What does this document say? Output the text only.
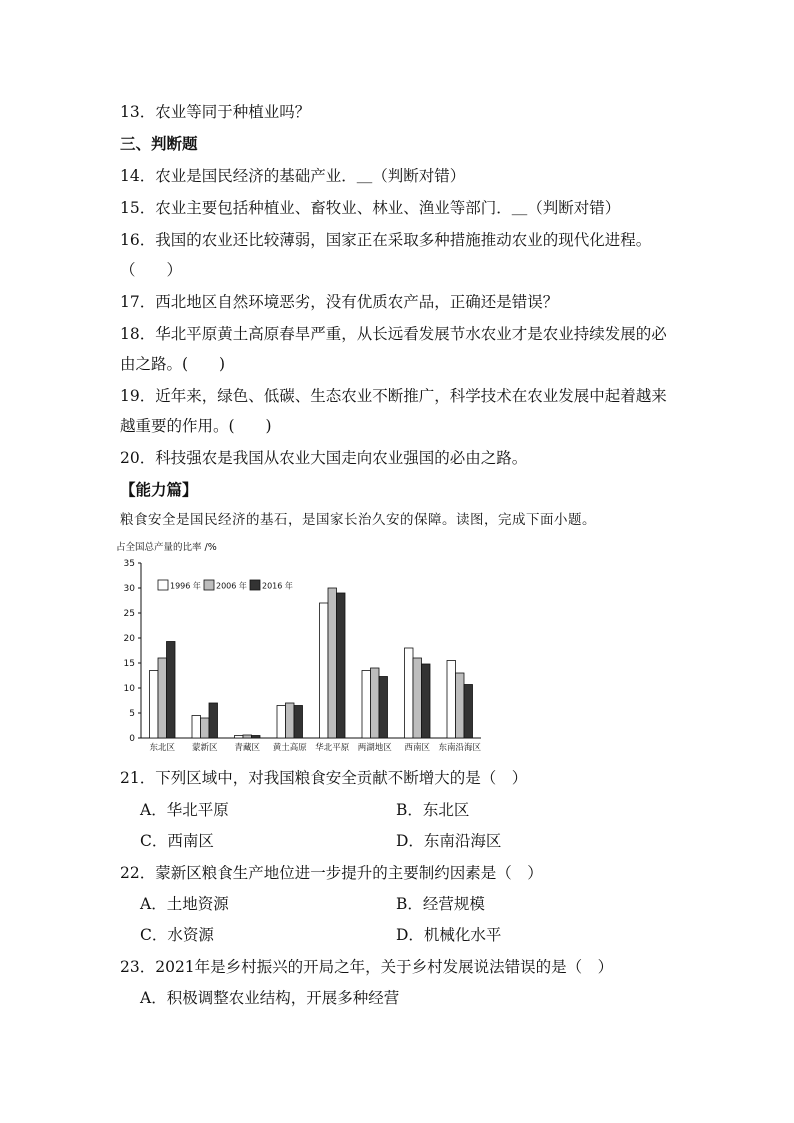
13．农业等同于种植业吗？
三、判断题
14．农业是国民经济的基础产业．＿（判断对错）
15．农业主要包括种植业、畜牧业、林业、渔业等部门．＿（判断对错）
16．我国的农业还比较薄弱，国家正在采取多种措施推动农业的现代化进程。
（　　）
17．西北地区自然环境恶劣，没有优质农产品，正确还是错误？
18．华北平原黄土高原春旱严重，从长远看发展节水农业才是农业持续发展的必
由之路。(　　)
19．近年来，绿色、低碳、生态农业不断推广，科学技术在农业发展中起着越来
越重要的作用。(　　)
20．科技强农是我国从农业大国走向农业强国的必由之路。
【能力篇】
粮食安全是国民经济的基石，是国家长治久安的保障。读图，完成下面小题。
占全国总产量的比率 /%
0
5
10
15
20
25
30
35
东北区 蒙新区 青藏区 黄土高原 华北平原 两湖地区 西南区 东南沿海区
1996 年 2006 年 2016 年
21．下列区域中，对我国粮食安全贡献不断增大的是（　）
A．华北平原	B．东北区
C．西南区	D．东南沿海区
22．蒙新区粮食生产地位进一步提升的主要制约因素是（　）
A．土地资源	B．经营规模
C．水资源	D．机械化水平
23．2021年是乡村振兴的开局之年，关于乡村发展说法错误的是（　）
A．积极调整农业结构，开展多种经营
